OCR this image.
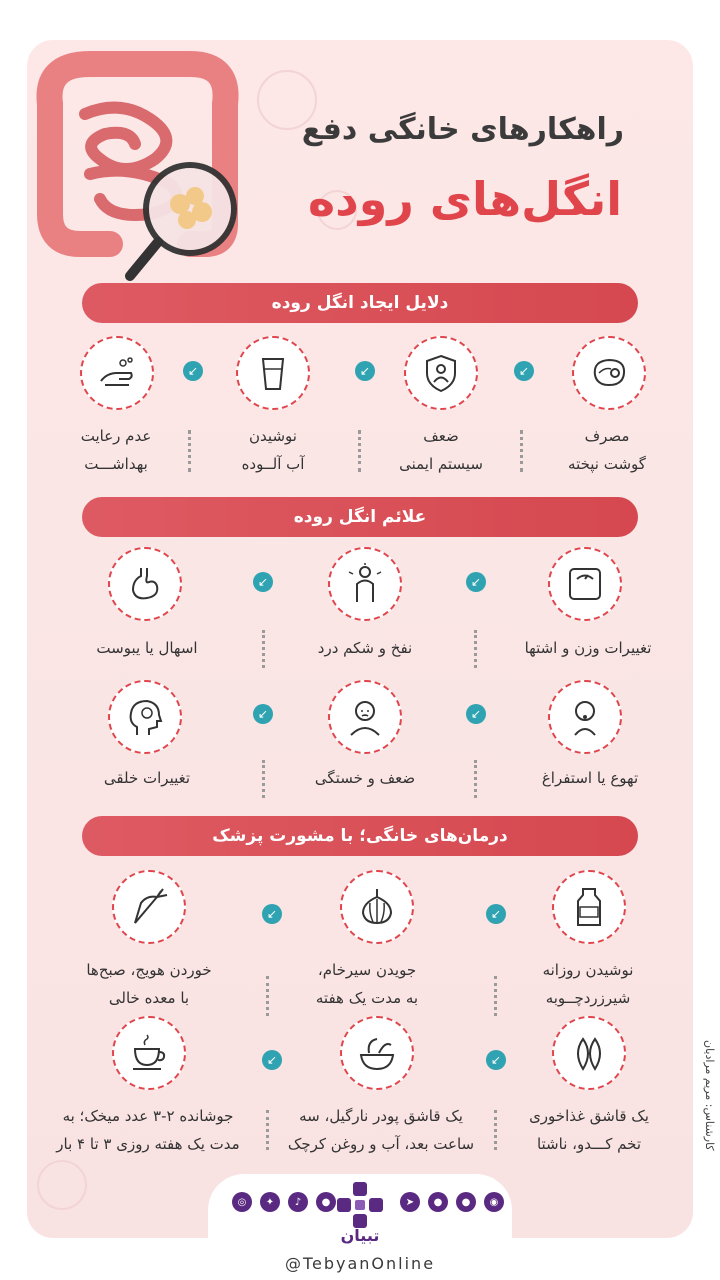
راهکارهای خانگی دفع
انگل‌های روده
دلایل ایجاد انگل روده
↙
↙
↙
مصرف
گوشت نپخته
ضعف
سیستم ایمنی
نوشیدن
آب آلــوده
عدم رعایت
بهداشـــت
علائم انگل روده
↙
↙
تغییرات وزن و اشتها
نفخ و شکم درد
اسهال یا یبوست
↙
↙
تهوع یا استفراغ
ضعف و خستگی
تغییرات خلقی
درمان‌های خانگی؛ با مشورت پزشک
↙
↙
نوشیدن روزانه
شیرزردچــوبه
جویدن سیرخام،
به مدت یک هفته
خوردن هویج، صبح‌ها
با معده خالی
↙
↙
یک قاشق غذاخوری
تخم کـــدو، ناشتا
یک قاشق پودر نارگیل، سه
ساعت بعد، آب و روغن کرچک
جوشانده ۲-۳ عدد میخک؛ به
مدت یک هفته روزی ۳ تا ۴ بار	کارشناس: مریم مرادیان
◎	✦	♪	●	➤	●	●	◉
تبیان
@TebyanOnline
